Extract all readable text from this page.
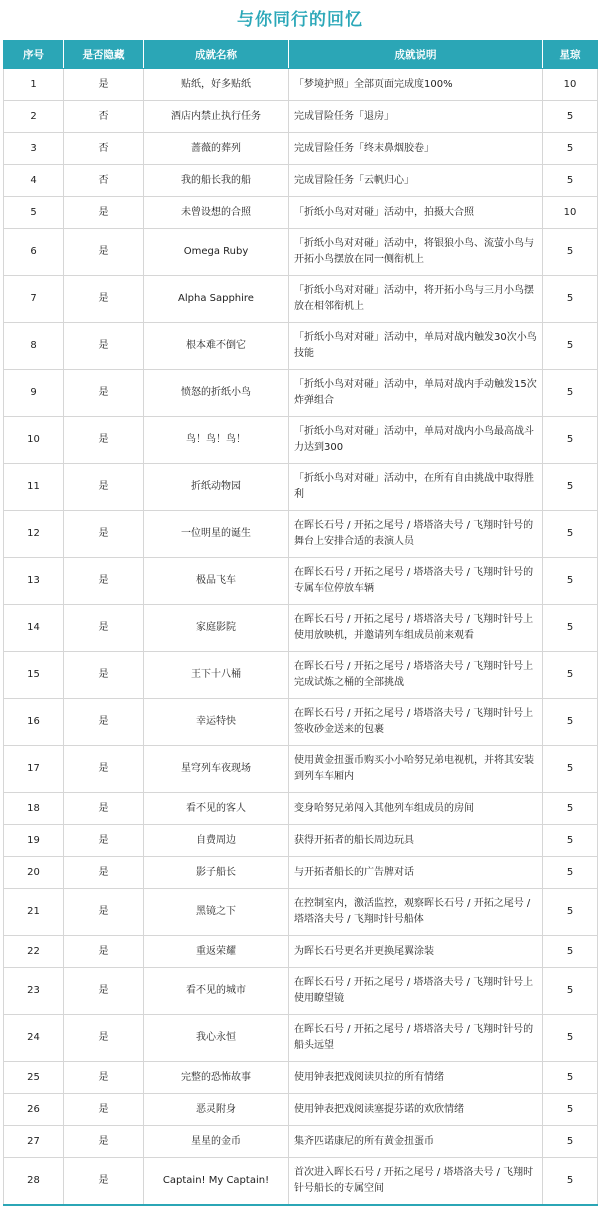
与你同行的回忆
序号	是否隐藏	成就名称	成就说明	星琼
1	是	贴纸，好多贴纸	「梦境护照」全部页面完成度100%	10
2	否	酒店内禁止执行任务	完成冒险任务「退房」	5
3	否	蔷薇的葬列	完成冒险任务「终末鼻烟胶卷」	5
4	否	我的船长我的船	完成冒险任务「云帆归心」	5
5	是	未曾设想的合照	「折纸小鸟对对碰」活动中，拍摄大合照	10
6	是	Omega Ruby	「折纸小鸟对对碰」活动中，将银狼小鸟、流萤小鸟与开拓小鸟摆放在同一侧衔机上	5
7	是	Alpha Sapphire	「折纸小鸟对对碰」活动中，将开拓小鸟与三月小鸟摆放在相邻衔机上	5
8	是	根本难不倒它	「折纸小鸟对对碰」活动中，单局对战内触发30次小鸟技能	5
9	是	愤怒的折纸小鸟	「折纸小鸟对对碰」活动中，单局对战内手动触发15次炸弹组合	5
10	是	鸟！鸟！鸟！	「折纸小鸟对对碰」活动中，单局对战内小鸟最高战斗力达到300	5
11	是	折纸动物园	「折纸小鸟对对碰」活动中，在所有自由挑战中取得胜利	5
12	是	一位明星的诞生	在晖长石号 / 开拓之尾号 / 塔塔洛夫号 / 飞翔时针号的舞台上安排合适的表演人员	5
13	是	极品飞车	在晖长石号 / 开拓之尾号 / 塔塔洛夫号 / 飞翔时针号的专属车位停放车辆	5
14	是	家庭影院	在晖长石号 / 开拓之尾号 / 塔塔洛夫号 / 飞翔时针号上使用放映机，并邀请列车组成员前来观看	5
15	是	王下十八桶	在晖长石号 / 开拓之尾号 / 塔塔洛夫号 / 飞翔时针号上完成试炼之桶的全部挑战	5
16	是	幸运特快	在晖长石号 / 开拓之尾号 / 塔塔洛夫号 / 飞翔时针号上签收砂金送来的包裹	5
17	是	星穹列车夜现场	使用黄金扭蛋币购买小小哈努兄弟电视机，并将其安装到列车车厢内	5
18	是	看不见的客人	变身哈努兄弟闯入其他列车组成员的房间	5
19	是	自费周边	获得开拓者的船长周边玩具	5
20	是	影子船长	与开拓者船长的广告牌对话	5
21	是	黑镜之下	在控制室内，激活监控，观察晖长石号 / 开拓之尾号 / 塔塔洛夫号 / 飞翔时针号船体	5
22	是	重返荣耀	为晖长石号更名并更换尾翼涂装	5
23	是	看不见的城市	在晖长石号 / 开拓之尾号 / 塔塔洛夫号 / 飞翔时针号上使用瞭望镜	5
24	是	我心永恒	在晖长石号 / 开拓之尾号 / 塔塔洛夫号 / 飞翔时针号的船头远望	5
25	是	完整的恐怖故事	使用钟表把戏阅读贝拉的所有情绪	5
26	是	恶灵附身	使用钟表把戏阅读塞提芬诺的欢欣情绪	5
27	是	星星的金币	集齐匹诺康尼的所有黄金扭蛋币	5
28	是	Captain! My Captain!	首次进入晖长石号 / 开拓之尾号 / 塔塔洛夫号 / 飞翔时针号船长的专属空间	5
